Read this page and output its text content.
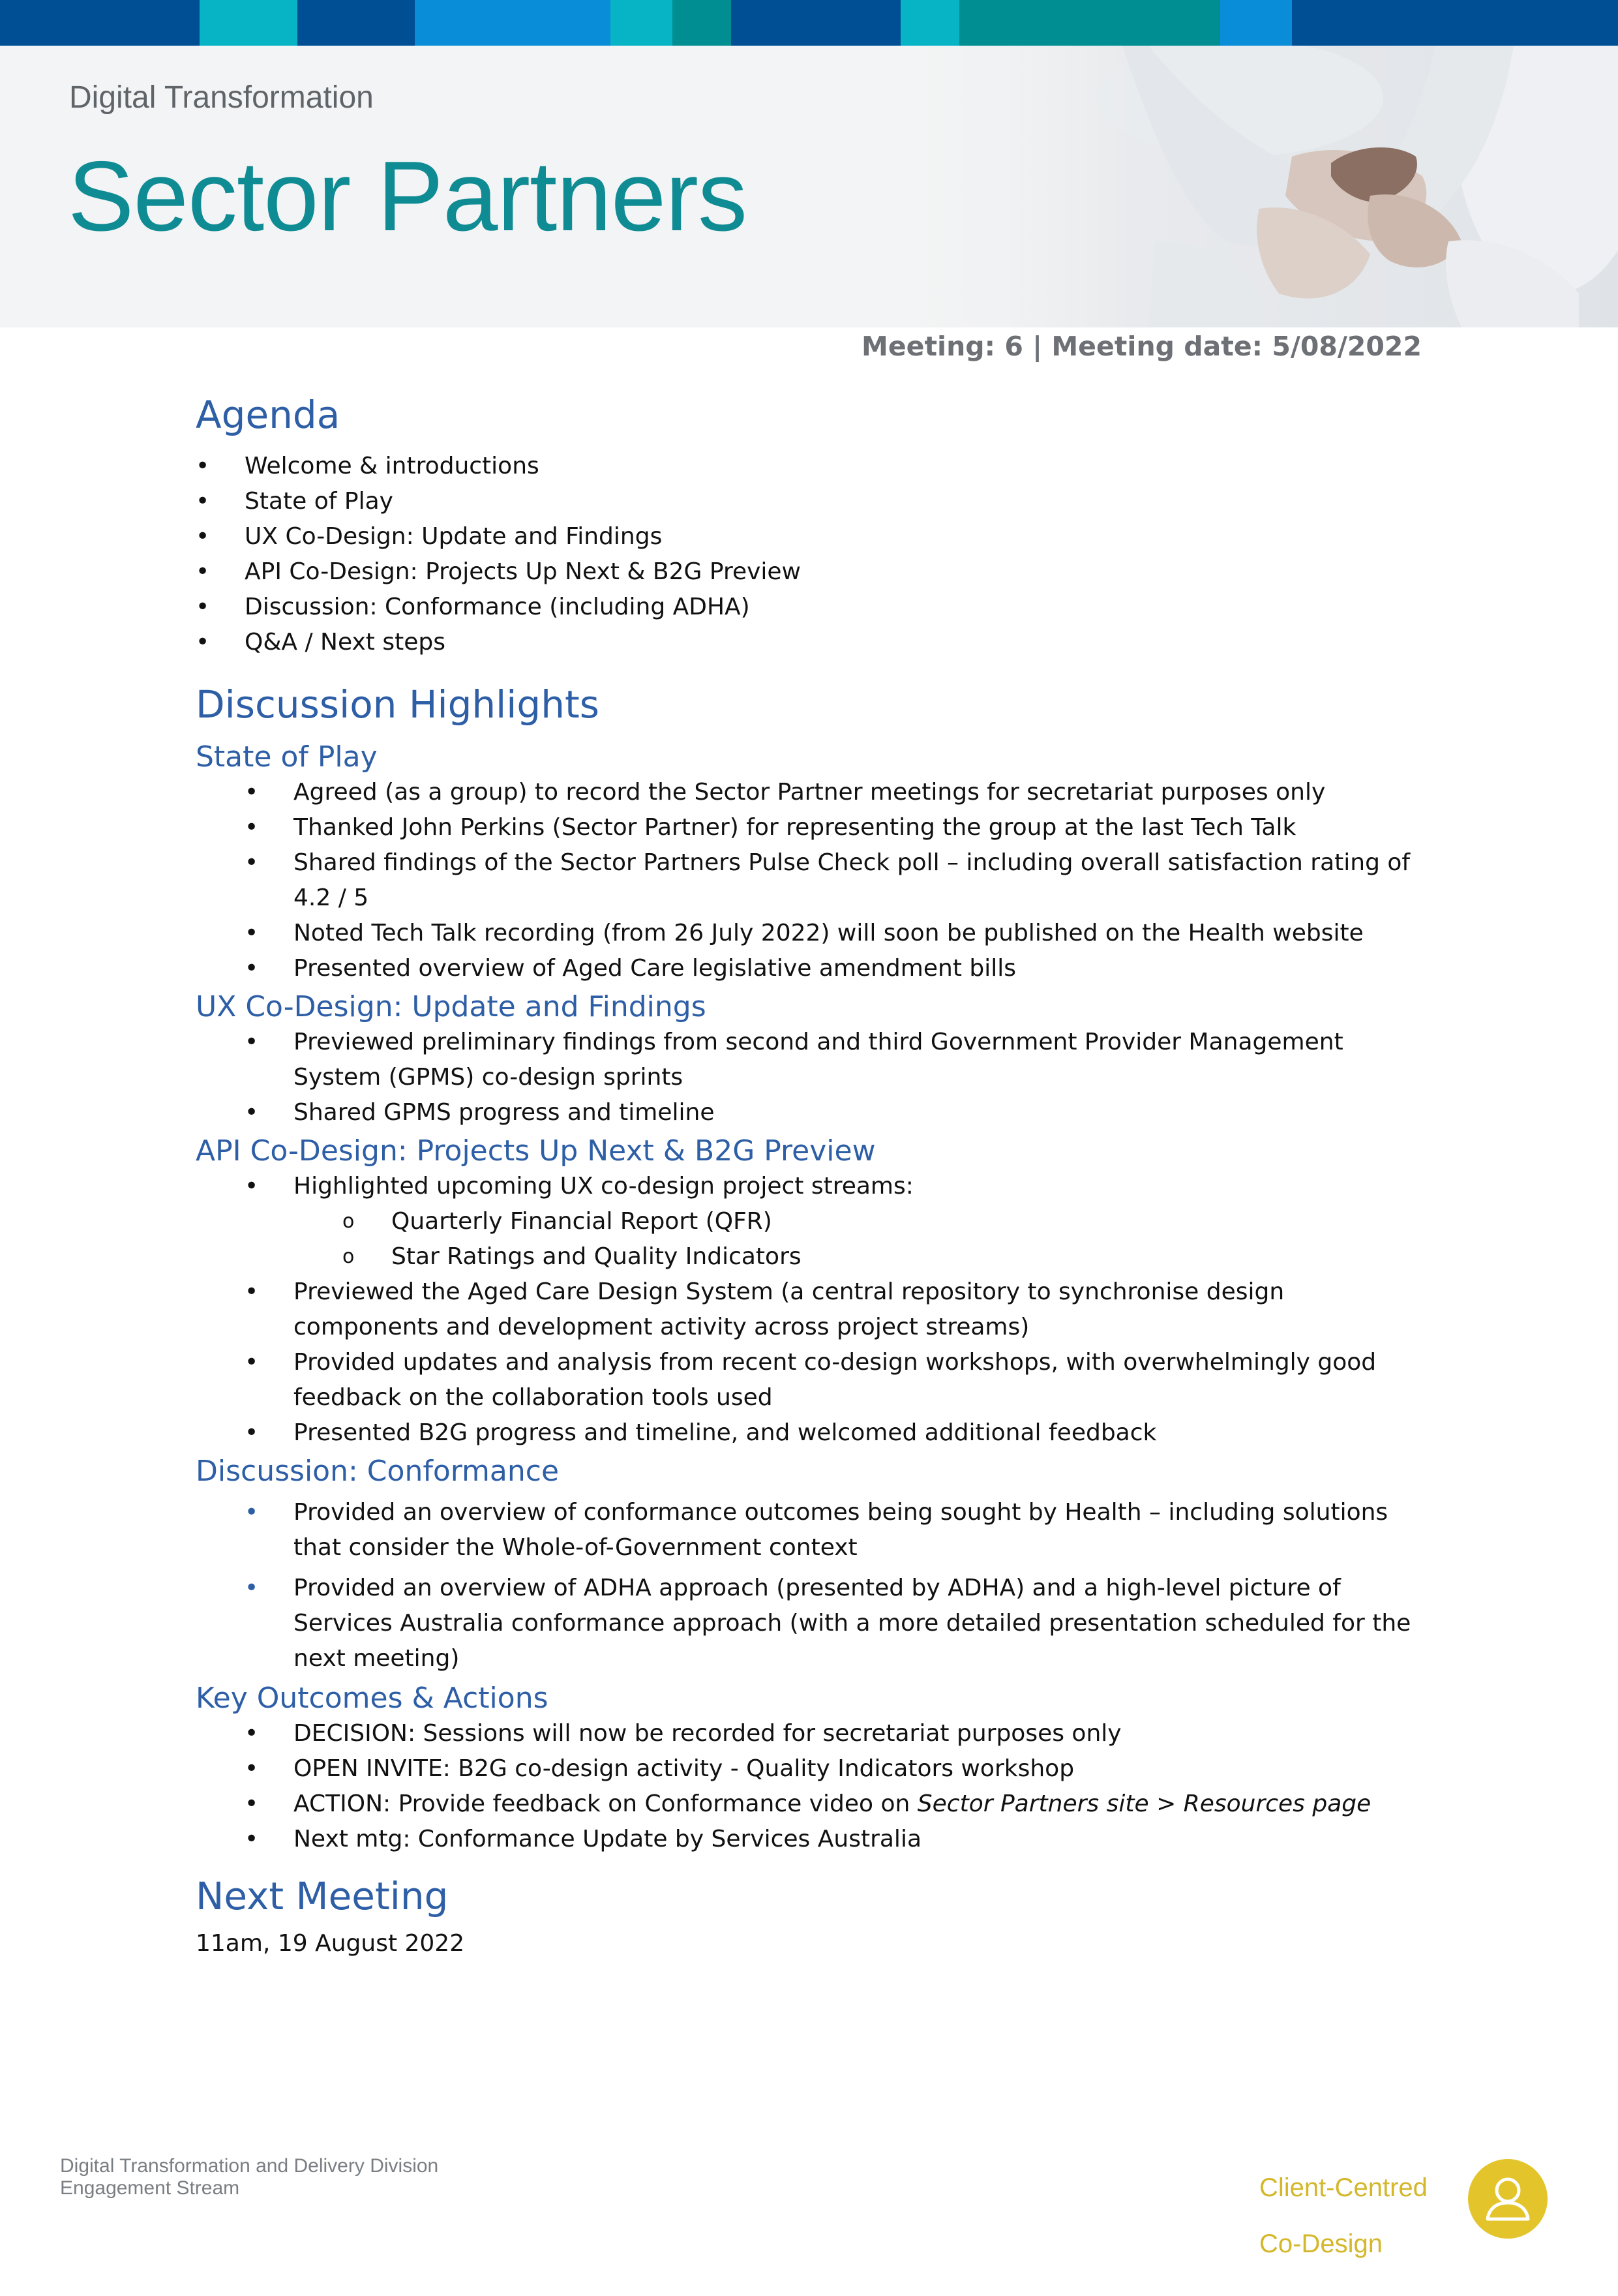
Digital Transformation
Sector Partners
Meeting: 6 | Meeting date: 5/08/2022
Agenda
• Welcome & introductions
• State of Play
• UX Co-Design: Update and Findings
• API Co-Design: Projects Up Next & B2G Preview
• Discussion: Conformance (including ADHA)
• Q&A / Next steps
Discussion Highlights
State of Play
• Agreed (as a group) to record the Sector Partner meetings for secretariat purposes only
• Thanked John Perkins (Sector Partner) for representing the group at the last Tech Talk
• Shared findings of the Sector Partners Pulse Check poll – including overall satisfaction rating of 4.2 / 5
• Noted Tech Talk recording (from 26 July 2022) will soon be published on the Health website
• Presented overview of Aged Care legislative amendment bills
UX Co-Design: Update and Findings
• Previewed preliminary findings from second and third Government Provider Management System (GPMS) co-design sprints
• Shared GPMS progress and timeline
API Co-Design: Projects Up Next & B2G Preview
• Highlighted upcoming UX co-design project streams:
o Quarterly Financial Report (QFR)
o Star Ratings and Quality Indicators
• Previewed the Aged Care Design System (a central repository to synchronise design components and development activity across project streams)
• Provided updates and analysis from recent co-design workshops, with overwhelmingly good feedback on the collaboration tools used
• Presented B2G progress and timeline, and welcomed additional feedback
Discussion: Conformance
• Provided an overview of conformance outcomes being sought by Health – including solutions that consider the Whole-of-Government context
• Provided an overview of ADHA approach (presented by ADHA) and a high-level picture of Services Australia conformance approach (with a more detailed presentation scheduled for the next meeting)
Key Outcomes & Actions
• DECISION: Sessions will now be recorded for secretariat purposes only
• OPEN INVITE: B2G co-design activity - Quality Indicators workshop
• ACTION: Provide feedback on Conformance video on Sector Partners site > Resources page
• Next mtg: Conformance Update by Services Australia
Next Meeting
11am, 19 August 2022
Digital Transformation and Delivery Division
Engagement Stream	Client-Centred
Co-Design
